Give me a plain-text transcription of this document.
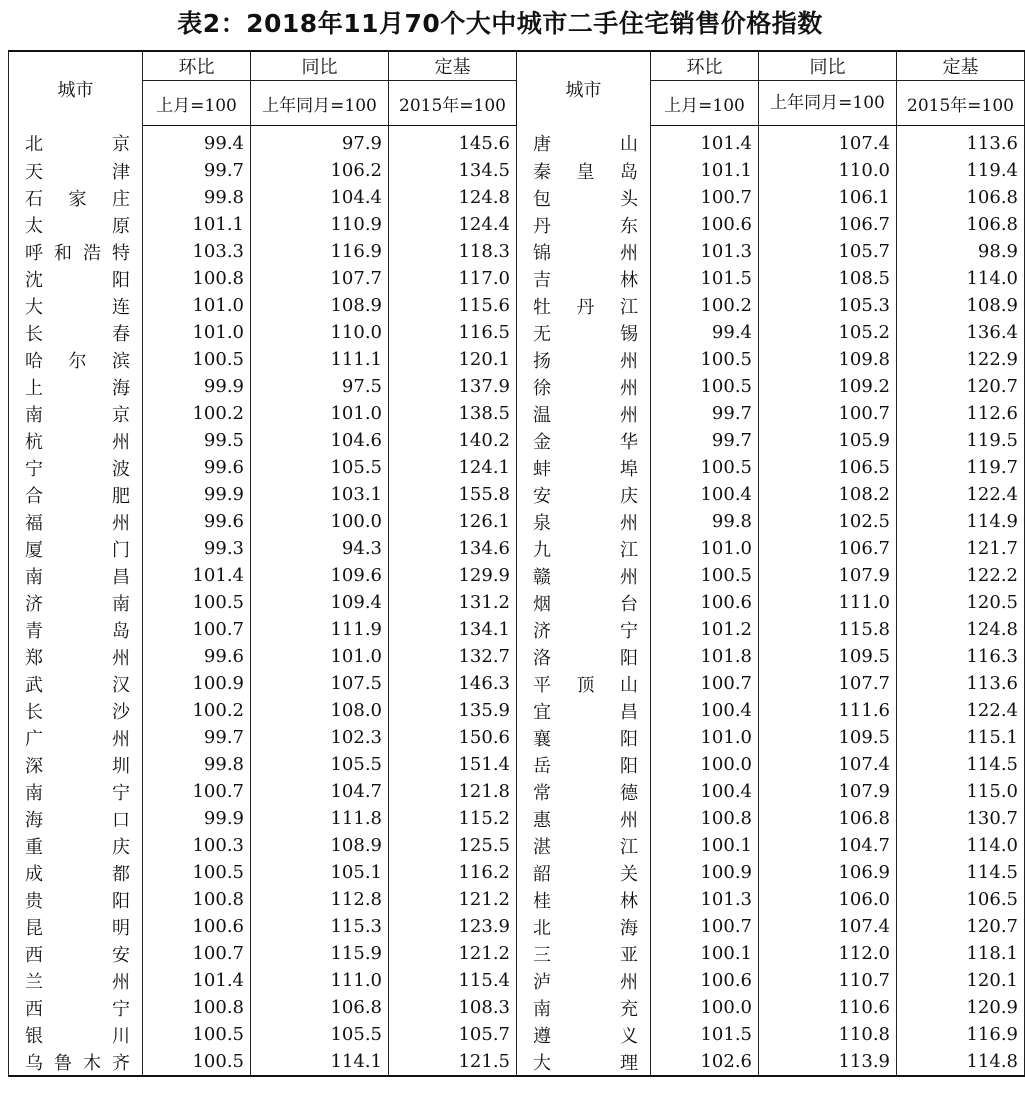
表2：2018年11月70个大中城市二手住宅销售价格指数
城市	环比	同比	定基	城市	环比	同比	定基
	上月=100	上年同月=100	2015年=100		上月=100	上年同月=100	2015年=100
北京	99.4	97.9	145.6	唐山	101.4	107.4	113.6
天津	99.7	106.2	134.5	秦皇岛	101.1	110.0	119.4
石家庄	99.8	104.4	124.8	包头	100.7	106.1	106.8
太原	101.1	110.9	124.4	丹东	100.6	106.7	106.8
呼和浩特	103.3	116.9	118.3	锦州	101.3	105.7	98.9
沈阳	100.8	107.7	117.0	吉林	101.5	108.5	114.0
大连	101.0	108.9	115.6	牡丹江	100.2	105.3	108.9
长春	101.0	110.0	116.5	无锡	99.4	105.2	136.4
哈尔滨	100.5	111.1	120.1	扬州	100.5	109.8	122.9
上海	99.9	97.5	137.9	徐州	100.5	109.2	120.7
南京	100.2	101.0	138.5	温州	99.7	100.7	112.6
杭州	99.5	104.6	140.2	金华	99.7	105.9	119.5
宁波	99.6	105.5	124.1	蚌埠	100.5	106.5	119.7
合肥	99.9	103.1	155.8	安庆	100.4	108.2	122.4
福州	99.6	100.0	126.1	泉州	99.8	102.5	114.9
厦门	99.3	94.3	134.6	九江	101.0	106.7	121.7
南昌	101.4	109.6	129.9	赣州	100.5	107.9	122.2
济南	100.5	109.4	131.2	烟台	100.6	111.0	120.5
青岛	100.7	111.9	134.1	济宁	101.2	115.8	124.8
郑州	99.6	101.0	132.7	洛阳	101.8	109.5	116.3
武汉	100.9	107.5	146.3	平顶山	100.7	107.7	113.6
长沙	100.2	108.0	135.9	宜昌	100.4	111.6	122.4
广州	99.7	102.3	150.6	襄阳	101.0	109.5	115.1
深圳	99.8	105.5	151.4	岳阳	100.0	107.4	114.5
南宁	100.7	104.7	121.8	常德	100.4	107.9	115.0
海口	99.9	111.8	115.2	惠州	100.8	106.8	130.7
重庆	100.3	108.9	125.5	湛江	100.1	104.7	114.0
成都	100.5	105.1	116.2	韶关	100.9	106.9	114.5
贵阳	100.8	112.8	121.2	桂林	101.3	106.0	106.5
昆明	100.6	115.3	123.9	北海	100.7	107.4	120.7
西安	100.7	115.9	121.2	三亚	100.1	112.0	118.1
兰州	101.4	111.0	115.4	泸州	100.6	110.7	120.1
西宁	100.8	106.8	108.3	南充	100.0	110.6	120.9
银川	100.5	105.5	105.7	遵义	101.5	110.8	116.9
乌鲁木齐	100.5	114.1	121.5	大理	102.6	113.9	114.8
